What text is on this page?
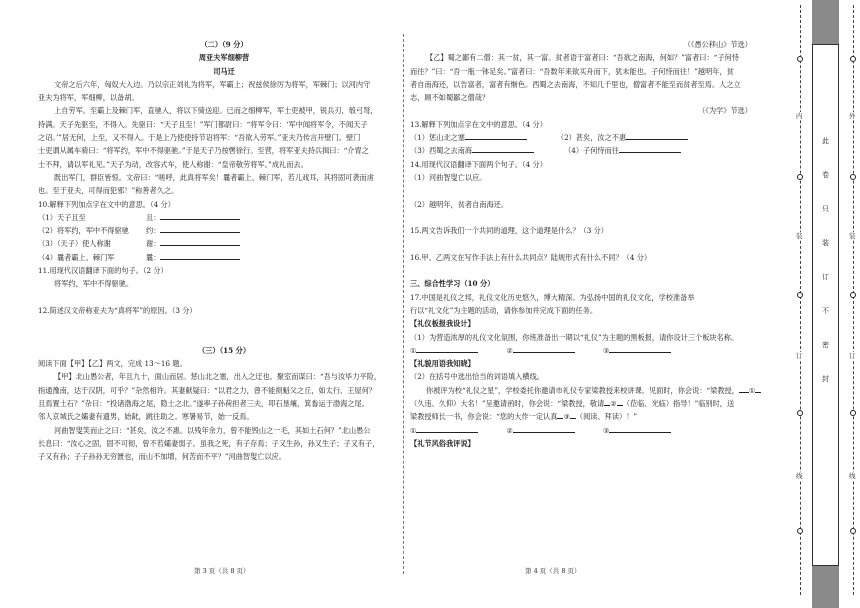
（二）（9 分）

周亚夫军细柳营

司马迁

文帝之后六年，匈奴大入边。乃以宗正刘礼为将军，军霸上；祝兹侯徐厉为将军，军棘门；以河内守

亚夫为将军，军细柳，以备胡。

上自劳军。至霸上及棘门军，直驰入，将以下骑送迎。已而之细柳军，军士吏被甲，锐兵刃，彀弓弩，

持满。天子先驱至，不得入。先驱曰：“天子且至！”军门都尉曰：“将军令曰：‘军中闻将军令，不闻天子

之诏。’”居无何，上至，又不得入。于是上乃使使持节诏将军：“吾欲入劳军。”亚夫乃传言开壁门。壁门

士吏谓从属车骑曰：“将军约，军中不得驱驰。”于是天子乃按辔徐行。至营，将军亚夫持兵揖曰：“介胄之

士不拜，请以军礼见。”天子为动，改容式车，使人称谢：“皇帝敬劳将军。”成礼而去。

既出军门，群臣皆惊。文帝曰：“嗟呼，此真将军矣！曩者霸上、棘门军，若儿戏耳，其将固可袭而虏

也。至于亚夫，可得而犯邪！”称善者久之。

10.解释下列加点字在文中的意思。（4 分）

（1）天子且至	且：

（2）将军约，军中不得驱驰 约：

（3）（天子）使人称谢	谢：

（4）曩者霸上、棘门军	曩：

11.用现代汉语翻译下面的句子。（2 分）

将军约，军中不得驱驰。

12.简述汉文帝称亚夫为“真将军”的原因。（3 分）

（三）（15 分）

阅读下面【甲】【乙】两文，完成 13～16 题。

【甲】北山愚公者，年且九十，面山而居。惩山北之塞，出入之迂也。聚室而谋曰：“吾与汝毕力平险，

指通豫南，达于汉阴，可乎？”杂然相许。其妻献疑曰：“以君之力，曾不能损魁父之丘，如太行、王屋何？

且焉置土石？”杂曰：“投诸渤海之尾，隐土之北。”遂率子孙荷担者三夫，叩石垦壤，箕畚运于渤海之尾。

邻人京城氏之孀妻有遗男，始龀，跳往助之。寒暑易节，始一反焉。

河曲智叟笑而止之曰：“甚矣，汝之不惠。以残年余力，曾不能毁山之一毛，其如土石何？”北山愚公

长息曰：“汝心之固，固不可彻，曾不若孀妻弱子。虽我之死，有子存焉；子又生孙，孙又生子；子又有子，

子又有孙；子子孙孙无穷匮也，而山不加增，何苦而不平？”河曲智叟亡以应。

（《愚公移山》节选）

【乙】蜀之鄙有二僧：其一贫，其一富。贫者语于富者曰：“吾欲之南海，何如？”富者曰：“子何恃

而往？”曰：“吾一瓶一钵足矣。”富者曰：“吾数年来欲买舟而下，犹未能也。子何恃而往！”越明年，贫

者自南海还，以告富者，富者有惭色。西蜀之去南海，不知几千里也，僧富者不能至而贫者至焉。人之立

志，顾不如蜀鄙之僧哉？

（《为学》节选）

13.解释下列加点字在文中的意思。（4 分）

（1）惩山北之塞	（2）甚矣，汝之不惠

（3）西蜀之去南海	（4）子何恃而往

14.用现代汉语翻译下面两个句子。（4 分）

（1）河曲智叟亡以应。

（2）越明年，贫者自南海还。

15.两文告诉我们一个共同的道理，这个道理是什么？（3 分）

16.甲、乙两文在写作手法上有什么共同点？陆规形式有什么不同？（4 分）

三、综合性学习（10 分）

17.中国是礼仪之邦，礼仪文化历史悠久，博大精深。为弘扬中国的礼仪文化，学校准备举

行以“礼文化”为主题的活动，请你参加并完成下面的任务。

【礼仪板报我设计】

（1）为营造浓厚的礼仪文化氛围，你班准备出一期以“礼仪”为主题的黑板报，请你设计三个板块名称。

①	②	③

【礼貌用语我知晓】

（2）在括号中选出恰当的词语填入横线。

你被评为校“礼仪之星”，学校委托你邀请市礼仪专家梁教授来校讲课。见面时，你会说：“梁教授， ①

（久违、久仰）大名！”呈邀请函时，你会说：“梁教授，敬请 ② （莅临、光临）指导！”临别时，送

梁教授师长一书，你会说：“您的大作一定认真 ③ （阅读、拜读）！”

①	②	③

【礼节风俗我评说】

第 3 页（共 8 页）	第 4 页（共 8 页）
内
装
订
线
外
装
订
线
此
卷
只
装
订
不
密
封
